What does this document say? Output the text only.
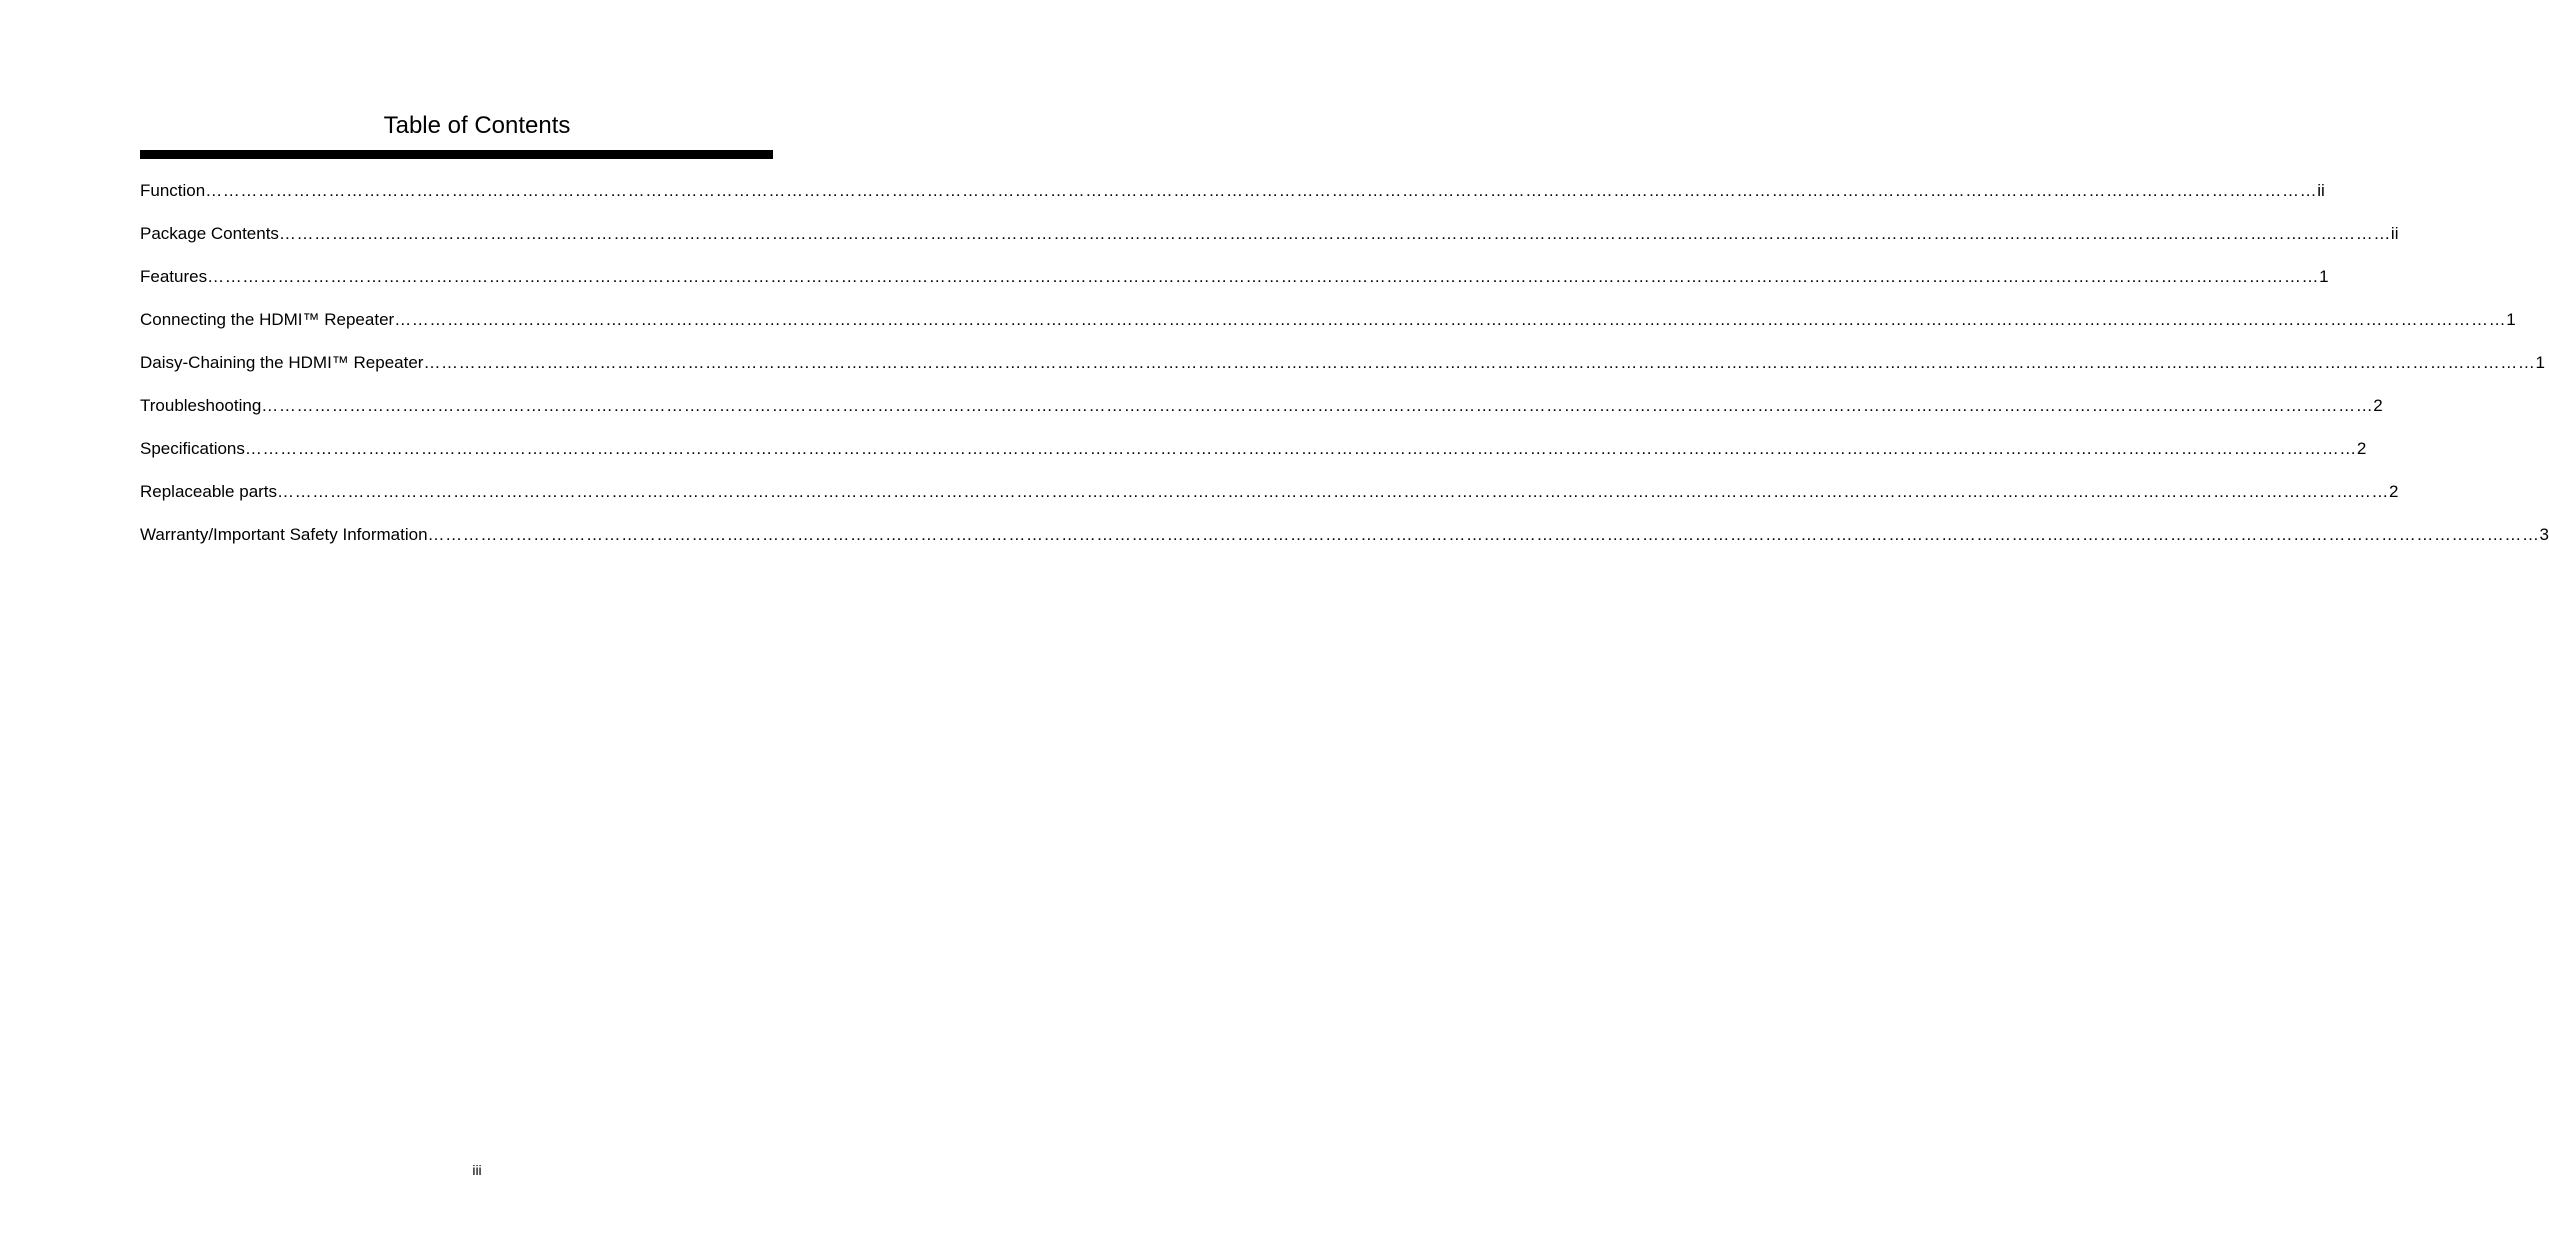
Table of Contents
Function ……………………………………………………………………………………………………………………………………………………………………………………………………………………………………………………………………………………………………………………………… ii
Package Contents ……………………………………………………………………………………………………………………………………………………………………………………………………………………………………………………………………………………………………………………………… ii
Features ……………………………………………………………………………………………………………………………………………………………………………………………………………………………………………………………………………………………………………………………… 1
Connecting the HDMI™ Repeater ……………………………………………………………………………………………………………………………………………………………………………………………………………………………………………………………………………………………………………………………… 1
Daisy-Chaining the HDMI™ Repeater ……………………………………………………………………………………………………………………………………………………………………………………………………………………………………………………………………………………………………………………………… 1
Troubleshooting ……………………………………………………………………………………………………………………………………………………………………………………………………………………………………………………………………………………………………………………………… 2
Specifications ……………………………………………………………………………………………………………………………………………………………………………………………………………………………………………………………………………………………………………………………… 2
Replaceable parts ……………………………………………………………………………………………………………………………………………………………………………………………………………………………………………………………………………………………………………………………… 2
Warranty/Important Safety Information ……………………………………………………………………………………………………………………………………………………………………………………………………………………………………………………………………………………………………………………………… 3
iii
